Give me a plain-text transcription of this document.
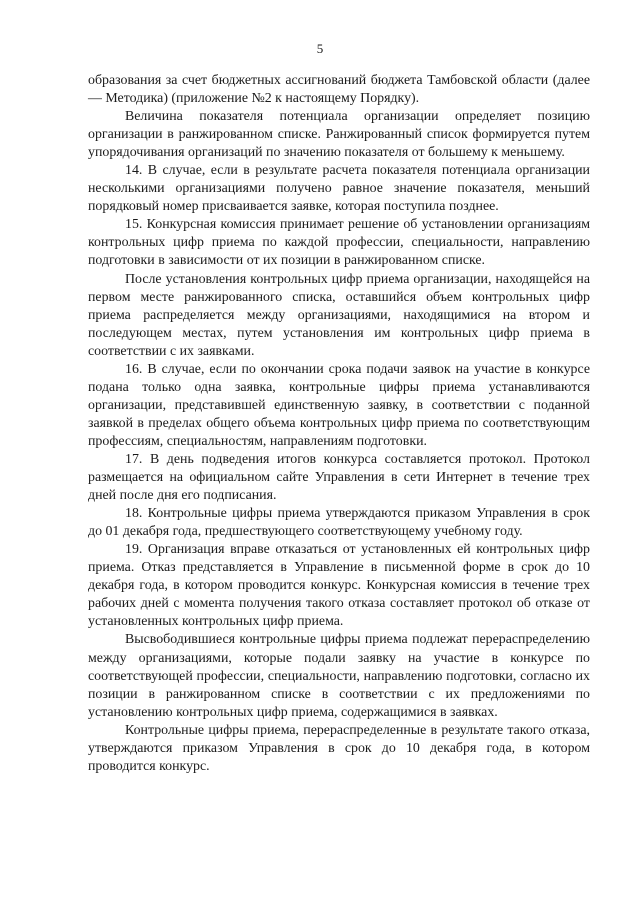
5

образования за счет бюджетных ассигнований бюджета Тамбовской области (далее — Методика) (приложение №2 к настоящему Порядку).

Величина показателя потенциала организации определяет позицию организации в ранжированном списке. Ранжированный список формируется путем упорядочивания организаций по значению показателя от большему к меньшему.

14. В случае, если в результате расчета показателя потенциала организации несколькими организациями получено равное значение показателя, меньший порядковый номер присваивается заявке, которая поступила позднее.

15. Конкурсная комиссия принимает решение об установлении организациям контрольных цифр приема по каждой профессии, специальности, направлению подготовки в зависимости от их позиции в ранжированном списке.

После установления контрольных цифр приема организации, находящейся на первом месте ранжированного списка, оставшийся объем контрольных цифр приема распределяется между организациями, находящимися на втором и последующем местах, путем установления им контрольных цифр приема в соответствии с их заявками.

16. В случае, если по окончании срока подачи заявок на участие в конкурсе подана только одна заявка, контрольные цифры приема устанавливаются организации, представившей единственную заявку, в соответствии с поданной заявкой в пределах общего объема контрольных цифр приема по соответствующим профессиям, специальностям, направлениям подготовки.

17. В день подведения итогов конкурса составляется протокол. Протокол размещается на официальном сайте Управления в сети Интернет в течение трех дней после дня его подписания.

18. Контрольные цифры приема утверждаются приказом Управления в срок до 01 декабря года, предшествующего соответствующему учебному году.

19. Организация вправе отказаться от установленных ей контрольных цифр приема. Отказ представляется в Управление в письменной форме в срок до 10 декабря года, в котором проводится конкурс. Конкурсная комиссия в течение трех рабочих дней с момента получения такого отказа составляет протокол об отказе от установленных контрольных цифр приема.

Высвободившиеся контрольные цифры приема подлежат перераспределению между организациями, которые подали заявку на участие в конкурсе по соответствующей профессии, специальности, направлению подготовки, согласно их позиции в ранжированном списке в соответствии с их предложениями по установлению контрольных цифр приема, содержащимися в заявках.

Контрольные цифры приема, перераспределенные в результате такого отказа, утверждаются приказом Управления в срок до 10 декабря года, в котором проводится конкурс.
